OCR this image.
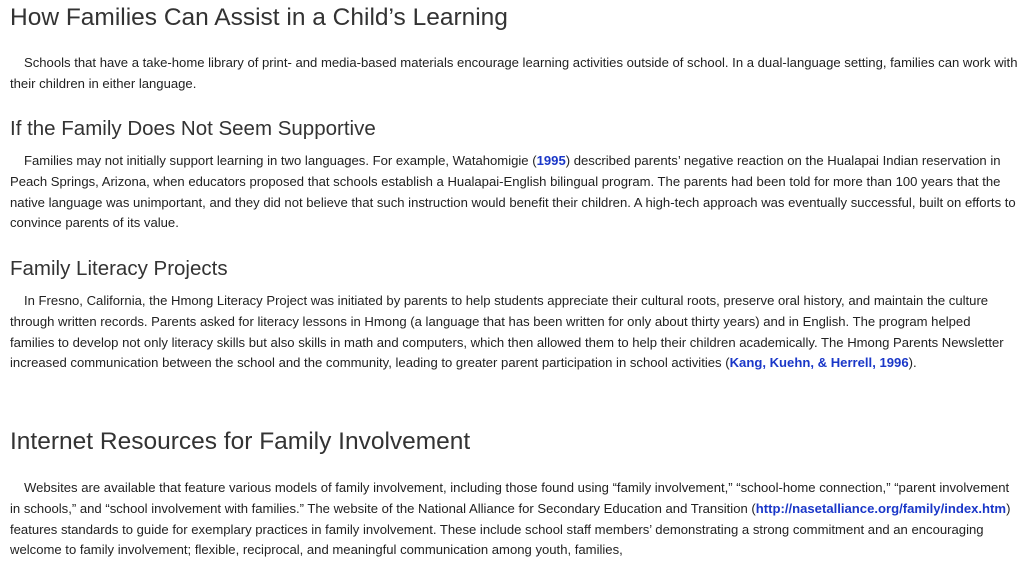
How Families Can Assist in a Child’s Learning

Schools that have a take-home library of print- and media-based materials encourage learning activities outside of school. In a dual-language setting, families can work with their children in either language.

If the Family Does Not Seem Supportive

Families may not initially support learning in two languages. For example, Watahomigie (1995) described parents’ negative reaction on the Hualapai Indian reservation in Peach Springs, Arizona, when educators proposed that schools establish a Hualapai-English bilingual program. The parents had been told for more than 100 years that the native language was unimportant, and they did not believe that such instruction would benefit their children. A high-tech approach was eventually successful, built on efforts to convince parents of its value.

Family Literacy Projects

In Fresno, California, the Hmong Literacy Project was initiated by parents to help students appreciate their cultural roots, preserve oral history, and maintain the culture through written records. Parents asked for literacy lessons in Hmong (a language that has been written for only about thirty years) and in English. The program helped families to develop not only literacy skills but also skills in math and computers, which then allowed them to help their children academically. The Hmong Parents Newsletter increased communication between the school and the community, leading to greater parent participation in school activities (Kang, Kuehn, & Herrell, 1996).

Internet Resources for Family Involvement

Websites are available that feature various models of family involvement, including those found using “family involvement,” “school-home connection,” “parent involvement in schools,” and “school involvement with families.” The website of the National Alliance for Secondary Education and Transition (http://nasetalliance.org/family/index.htm) features standards to guide for exemplary practices in family involvement. These include school staff members’ demonstrating a strong commitment and an encouraging welcome to family involvement; flexible, reciprocal, and meaningful communication among youth, families,
